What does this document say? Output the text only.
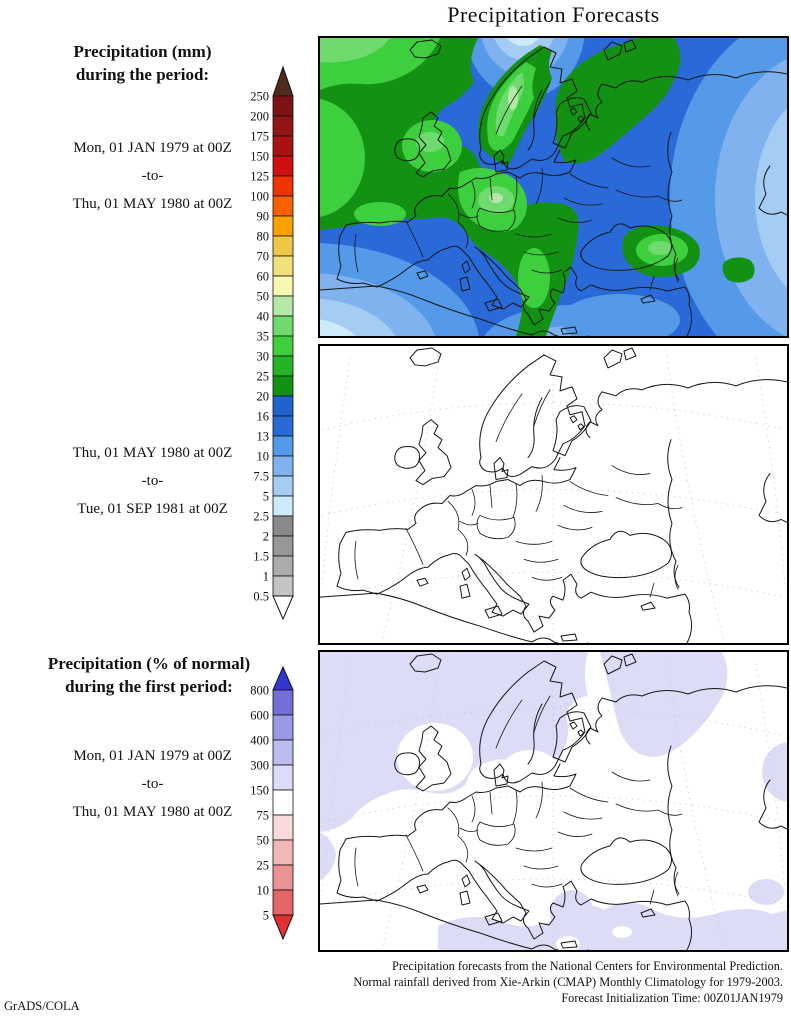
Precipitation Forecasts
Precipitation (mm)
during the period:
Mon, 01 JAN 1979 at 00Z
-to-
Thu, 01 MAY 1980 at 00Z
Thu, 01 MAY 1980 at 00Z
-to-
Tue, 01 SEP 1981 at 00Z
Precipitation (% of normal)
during the first period:
Mon, 01 JAN 1979 at 00Z
-to-
Thu, 01 MAY 1980 at 00Z
250
200
175
150
125
100
90
80
70
60
50
40
35
30
25
20
16
13
10
7.5
5
2.5
2
1.5
1
0.5
800
600
400
300
150
75
50
25
10
5
Precipitation forecasts from the National Centers for Environmental Prediction.
Normal rainfall derived from Xie-Arkin (CMAP) Monthly Climatology for 1979-2003.
Forecast Initialization Time: 00Z01JAN1979
GrADS/COLA
